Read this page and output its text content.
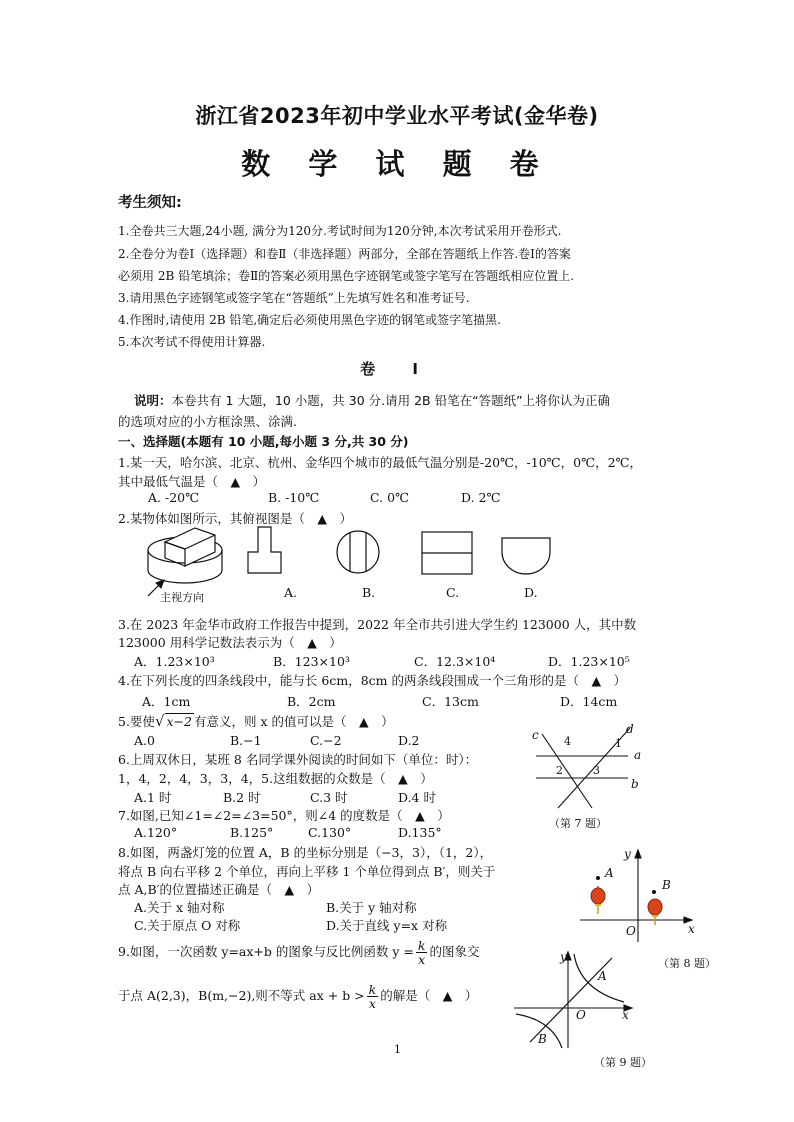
浙江省2023年初中学业水平考试(金华卷)
数 学 试 题 卷
考生须知:
1.全卷共三大题,24小题, 满分为120分.考试时间为120分钟,本次考试采用开卷形式.
2.全卷分为卷Ⅰ（选择题）和卷Ⅱ（非选择题）两部分，全部在答题纸上作答.卷Ⅰ的答案
必须用 2B 铅笔填涂；卷Ⅱ的答案必须用黑色字迹钢笔或签字笔写在答题纸相应位置上.
3.请用黑色字迹钢笔或签字笔在“答题纸”上先填写姓名和准考证号.
4.作图时,请使用 2B 铅笔,确定后必须使用黑色字迹的钢笔或签字笔描黑.
5.本次考试不得使用计算器.
卷 Ⅰ
说明：本卷共有 1 大题，10 小题，共 30 分.请用 2B 铅笔在“答题纸”上将你认为正确
的选项对应的小方框涂黑、涂满.
一、选择题(本题有 10 小题,每小题 3 分,共 30 分)
1.某一天，哈尔滨、北京、杭州、金华四个城市的最低气温分别是-20℃，-10℃，0℃，2℃，
其中最低气温是（　▲　）
A. -20℃	B. -10℃	C. 0℃	D. 2℃
2.某物体如图所示，其俯视图是（　▲　）
主视方向	A.	B.	C.	D.
3.在 2023 年金华市政府工作报告中提到，2022 年全市共引进大学生约 123000 人，其中数
123000 用科学记数法表示为（　▲　）
A．1.23×10³	B．123×10³	C．12.3×10⁴	D．1.23×10⁵
4.在下列长度的四条线段中，能与长 6cm，8cm 的两条线段围成一个三角形的是（　▲　）
A．1cm	B．2cm	C．13cm	D．14cm
5.要使√ x−2 有意义，则 x 的值可以是（　▲　）
A.0	B.−1	C.−2	D.2
6.上周双休日，某班 8 名同学课外阅读的时间如下（单位：时）：
1，4，2，4，3，3，4，5.这组数据的众数是（　▲　）
A.1 时	B.2 时	C.3 时	D.4 时
7.如图,已知∠1=∠2=∠3=50°，则∠4 的度数是（　▲　）
A.120°	B.125°	C.130°	D.135°
c	d
4	1
a
2	3
b
（第 7 题）
8.如图，两盏灯笼的位置 A，B 的坐标分别是（−3，3），（1，2），
将点 B 向右平移 2 个单位，再向上平移 1 个单位得到点 B′，则关于
点 A,B′的位置描述正确是（　▲　）
A.关于 x 轴对称	B.关于 y 轴对称
C.关于原点 O 对称	D.关于直线 y=x 对称
y
A
B
O	x
（第 8 题）
9.如图，一次函数 y=ax+b 的图象与反比例函数 $y = \frac{k}{x}$ 的图象交
于点 A(2,3)，B(m,−2),则不等式 ax + $b > \frac{k}{x}$ 的解是（　▲　）
y
A
O	x
B
（第 9 题）
1
